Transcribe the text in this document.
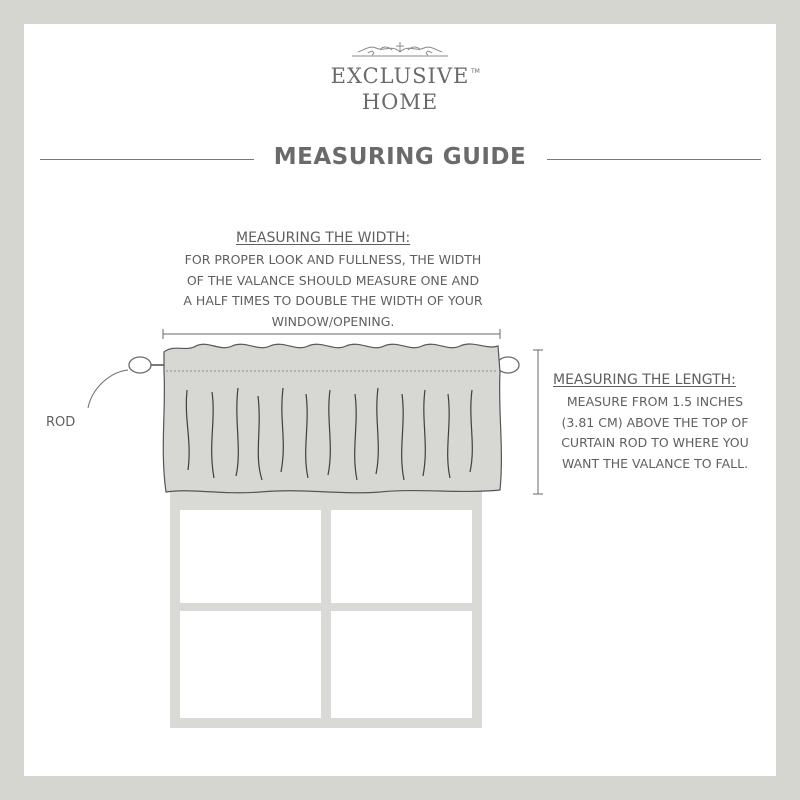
EXCLUSIVE
HOME
TM
MEASURING GUIDE
MEASURING THE WIDTH:
FOR PROPER LOOK AND FULLNESS, THE WIDTH
OF THE VALANCE SHOULD MEASURE ONE AND
A HALF TIMES TO DOUBLE THE WIDTH OF YOUR
WINDOW/OPENING.
MEASURING THE LENGTH:
MEASURE FROM 1.5 INCHES
(3.81 CM) ABOVE THE TOP OF
CURTAIN ROD TO WHERE YOU
WANT THE VALANCE TO FALL.
ROD
